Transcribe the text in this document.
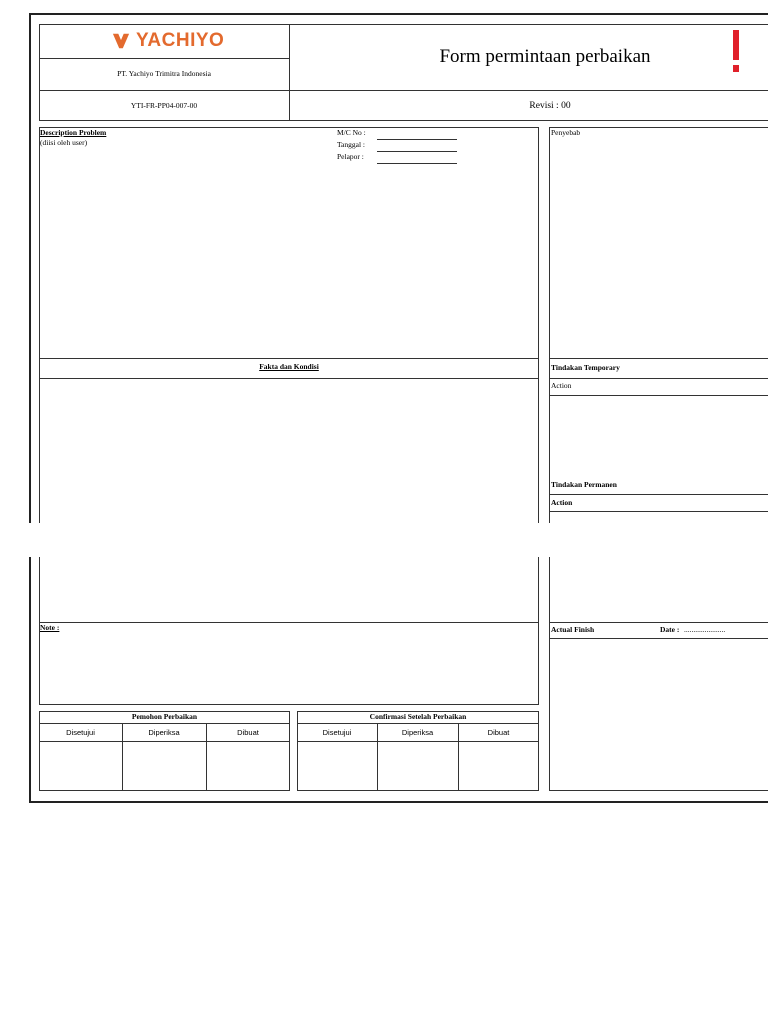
YACHIYO
PT. Yachiyo Trimitra Indonesia
Form permintaan perbaikan
YTI-FR-PP04-007-00	Revisi : 00
Description Problem
(diisi oleh user)
M/C No :
Tanggal :
Pelapor :
Fakta dan Kondisi
Note :
Penyebab
Tindakan Temporary
Action
Tindakan Permanen
Action
Actual Finish	Date : ......................
Pemohon Perbaikan
Disetujui	Diperiksa	Dibuat
Confirmasi Setelah Perbaikan
Disetujui	Diperiksa	Dibuat
